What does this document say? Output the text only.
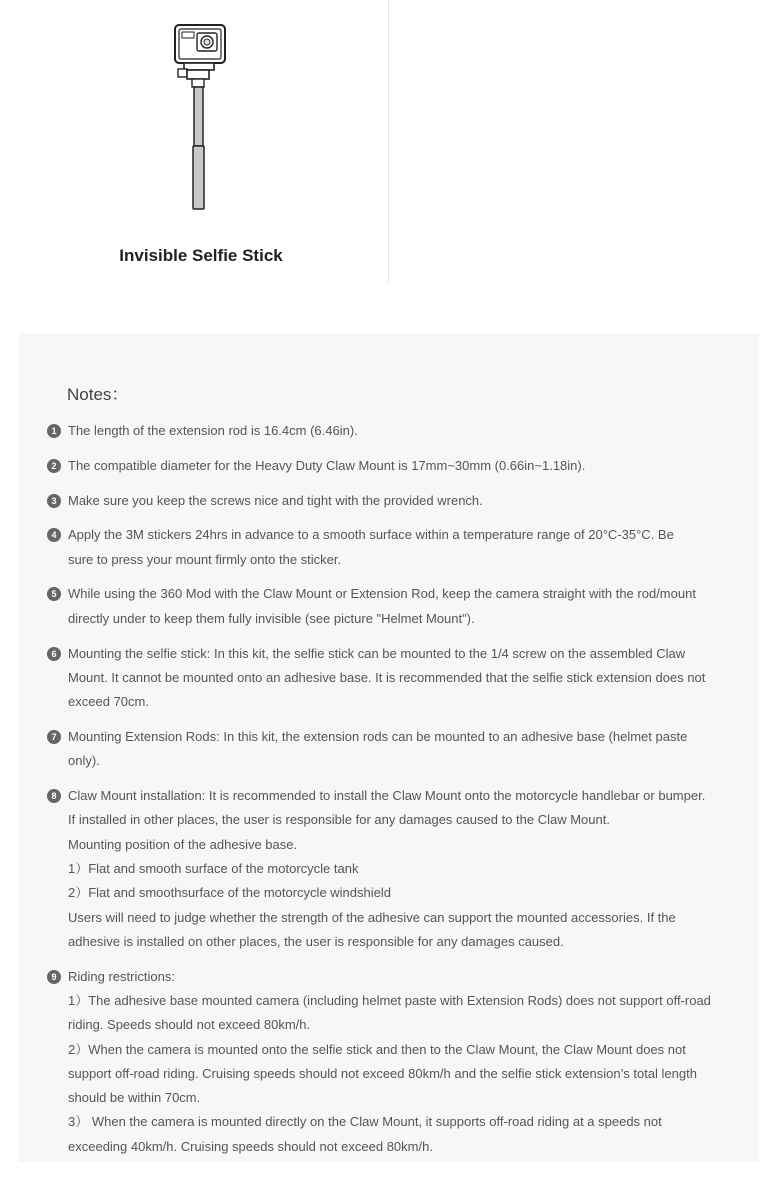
Invisible Selfie Stick
Notes：
1 The length of the extension rod is 16.4cm (6.46in).
2 The compatible diameter for the Heavy Duty Claw Mount is 17mm~30mm (0.66in~1.18in).
3 Make sure you keep the screws nice and tight with the provided wrench.
4 Apply the 3M stickers 24hrs in advance to a smooth surface within a temperature range of 20°C-35°C. Be
sure to press your mount firmly onto the sticker.
5 While using the 360 Mod with the Claw Mount or Extension Rod, keep the camera straight with the rod/mount
directly under to keep them fully invisible (see picture "Helmet Mount").
6 Mounting the selfie stick: In this kit, the selfie stick can be mounted to the 1/4 screw on the assembled Claw
Mount. It cannot be mounted onto an adhesive base. It is recommended that the selfie stick extension does not
exceed 70cm.
7 Mounting Extension Rods: In this kit, the extension rods can be mounted to an adhesive base (helmet paste
only).
8 Claw Mount installation: It is recommended to install the Claw Mount onto the motorcycle handlebar or bumper.
If installed in other places, the user is responsible for any damages caused to the Claw Mount.
Mounting position of the adhesive base.
1）Flat and smooth surface of the motorcycle tank
2）Flat and smoothsurface of the motorcycle windshield
Users will need to judge whether the strength of the adhesive can support the mounted accessories. If the
adhesive is installed on other places, the user is responsible for any damages caused.
9 Riding restrictions:
1）The adhesive base mounted camera (including helmet paste with Extension Rods) does not support off-road
riding. Speeds should not exceed 80km/h.
2）When the camera is mounted onto the selfie stick and then to the Claw Mount, the Claw Mount does not
support off-road riding. Cruising speeds should not exceed 80km/h and the selfie stick extension’s total length
should be within 70cm.
3） When the camera is mounted directly on the Claw Mount, it supports off-road riding at a speeds not
exceeding 40km/h. Cruising speeds should not exceed 80km/h.
